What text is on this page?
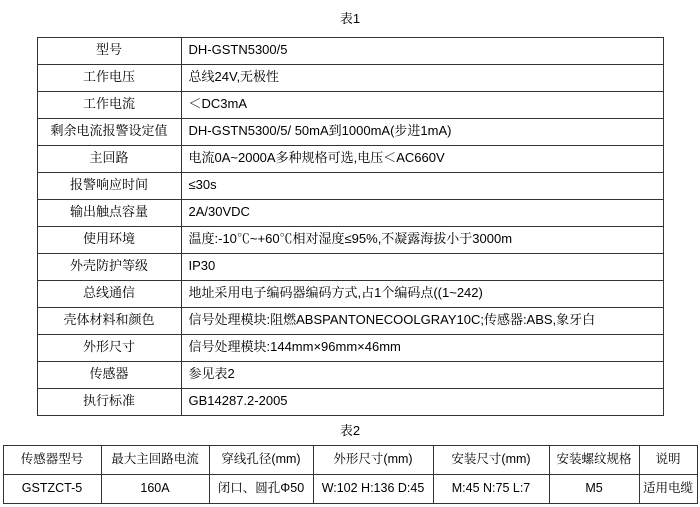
表1
型号	DH-GSTN5300/5
工作电压	总线24V,无极性
工作电流	＜DC3mA
剩余电流报警设定值	DH-GSTN5300/5/ 50mA到1000mA(步进1mA)
主回路	电流0A~2000A多种规格可选,电压＜AC660V
报警响应时间	≤30s
输出触点容量	2A/30VDC
使用环境	温度:-10℃~+60℃相对湿度≤95%,不凝露海拔小于3000m
外壳防护等级	IP30
总线通信	地址采用电子编码器编码方式,占1个编码点((1~242)
壳体材料和颜色	信号处理模块:阻燃ABSPANTONECOOLGRAY10C;传感器:ABS,象牙白
外形尺寸	信号处理模块:144mm×96mm×46mm
传感器	参见表2
执行标准	GB14287.2-2005
表2
传感器型号	最大主回路电流	穿线孔径(mm)	外形尺寸(mm)	安装尺寸(mm)	安装螺纹规格	说明
GSTZCT-5	160A	闭口、圆孔Φ50	W:102 H:136 D:45	M:45 N:75 L:7	M5	适用电缆
